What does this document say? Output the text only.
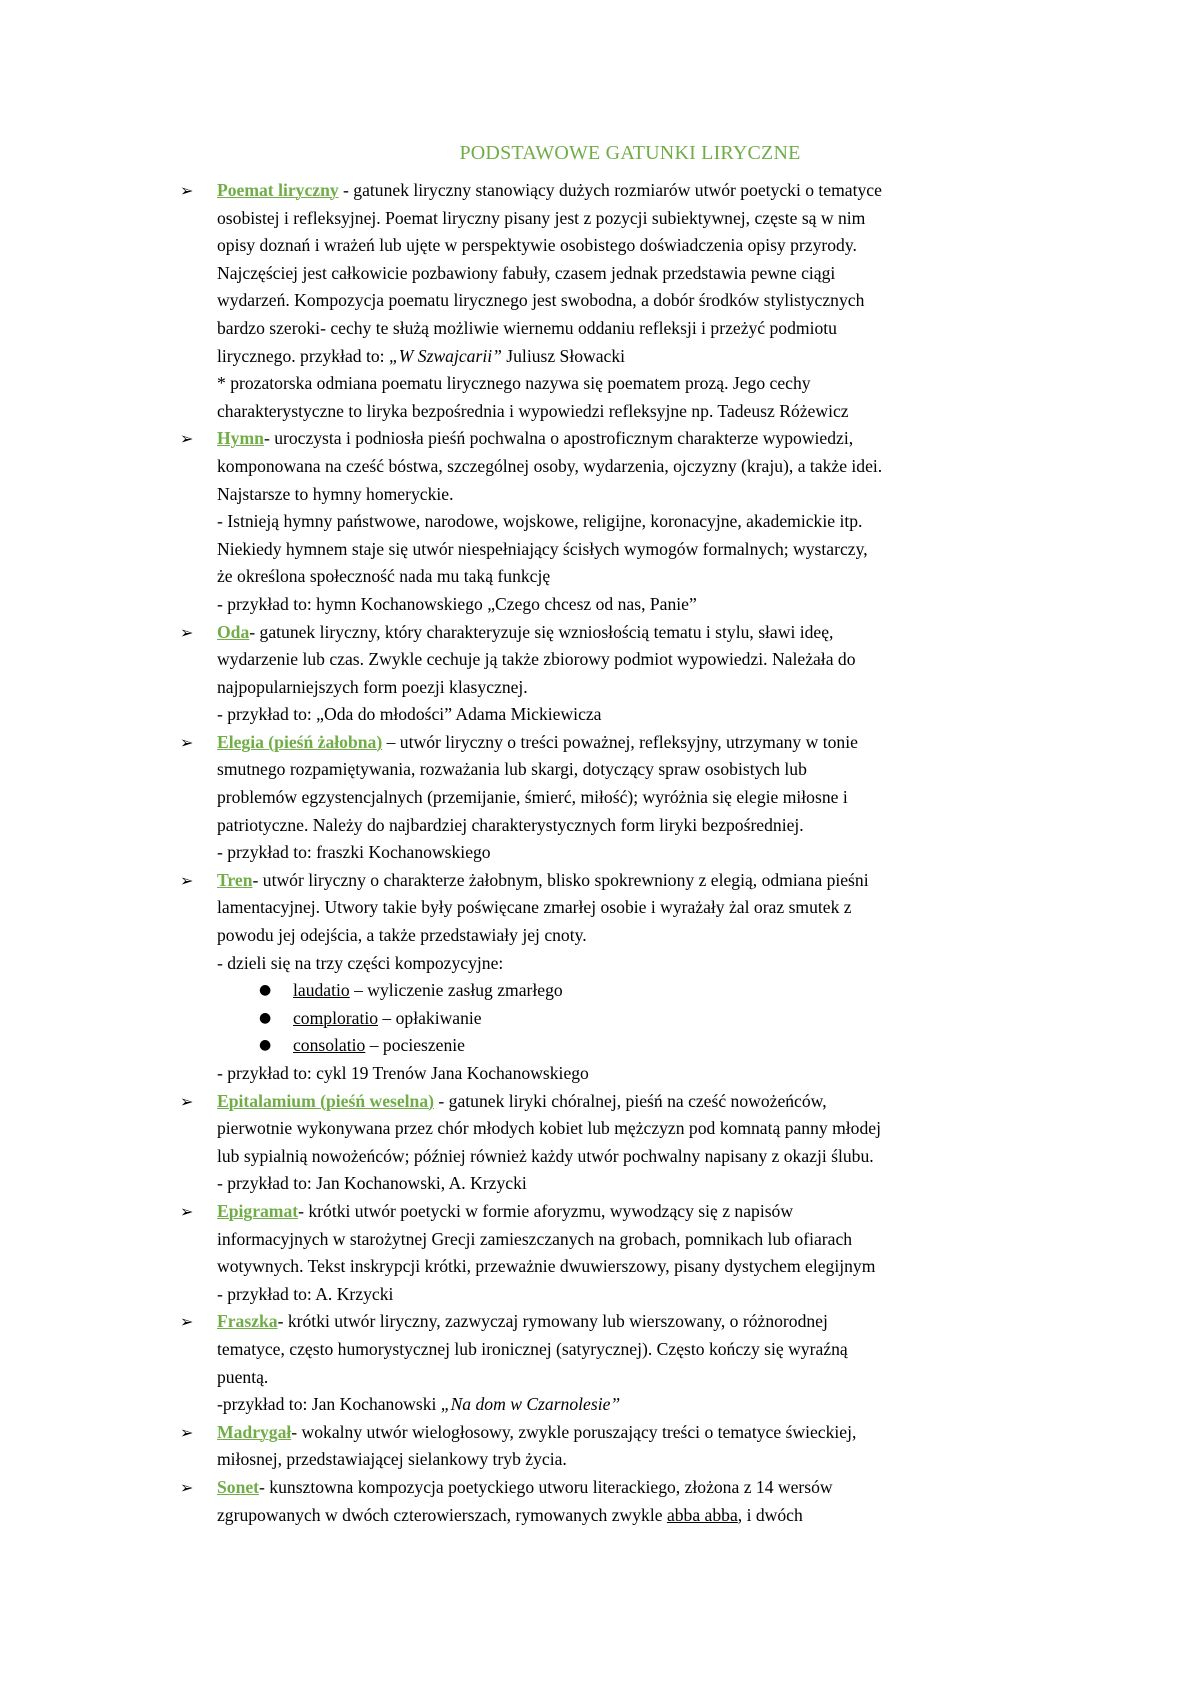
PODSTAWOWE GATUNKI LIRYCZNE
➢ Poemat liryczny - gatunek liryczny stanowiący dużych rozmiarów utwór poetycki o tematyce
osobistej i refleksyjnej. Poemat liryczny pisany jest z pozycji subiektywnej, częste są w nim
opisy doznań i wrażeń lub ujęte w perspektywie osobistego doświadczenia opisy przyrody.
Najczęściej jest całkowicie pozbawiony fabuły, czasem jednak przedstawia pewne ciągi
wydarzeń. Kompozycja poematu lirycznego jest swobodna, a dobór środków stylistycznych
bardzo szeroki- cechy te służą możliwie wiernemu oddaniu refleksji i przeżyć podmiotu
lirycznego. przykład to: „W Szwajcarii” Juliusz Słowacki
* prozatorska odmiana poematu lirycznego nazywa się poematem prozą. Jego cechy
charakterystyczne to liryka bezpośrednia i wypowiedzi refleksyjne np. Tadeusz Różewicz
➢ Hymn- uroczysta i podniosła pieśń pochwalna o apostroficznym charakterze wypowiedzi,
komponowana na cześć bóstwa, szczególnej osoby, wydarzenia, ojczyzny (kraju), a także idei.
Najstarsze to hymny homeryckie.
- Istnieją hymny państwowe, narodowe, wojskowe, religijne, koronacyjne, akademickie itp.
Niekiedy hymnem staje się utwór niespełniający ścisłych wymogów formalnych; wystarczy,
że określona społeczność nada mu taką funkcję
- przykład to: hymn Kochanowskiego „Czego chcesz od nas, Panie”
➢ Oda- gatunek liryczny, który charakteryzuje się wzniosłością tematu i stylu, sławi ideę,
wydarzenie lub czas. Zwykle cechuje ją także zbiorowy podmiot wypowiedzi. Należała do
najpopularniejszych form poezji klasycznej.
- przykład to: „Oda do młodości” Adama Mickiewicza
➢ Elegia (pieśń żałobna) – utwór liryczny o treści poważnej, refleksyjny, utrzymany w tonie
smutnego rozpamiętywania, rozważania lub skargi, dotyczący spraw osobistych lub
problemów egzystencjalnych (przemijanie, śmierć, miłość); wyróżnia się elegie miłosne i
patriotyczne. Należy do najbardziej charakterystycznych form liryki bezpośredniej.
- przykład to: fraszki Kochanowskiego
➢ Tren- utwór liryczny o charakterze żałobnym, blisko spokrewniony z elegią, odmiana pieśni
lamentacyjnej. Utwory takie były poświęcane zmarłej osobie i wyrażały żal oraz smutek z
powodu jej odejścia, a także przedstawiały jej cnoty.
- dzieli się na trzy części kompozycyjne:
● laudatio – wyliczenie zasług zmarłego
● comploratio – opłakiwanie
● consolatio – pocieszenie
- przykład to: cykl 19 Trenów Jana Kochanowskiego
➢ Epitalamium (pieśń weselna) - gatunek liryki chóralnej, pieśń na cześć nowożeńców,
pierwotnie wykonywana przez chór młodych kobiet lub mężczyzn pod komnatą panny młodej
lub sypialnią nowożeńców; później również każdy utwór pochwalny napisany z okazji ślubu.
- przykład to: Jan Kochanowski, A. Krzycki
➢ Epigramat- krótki utwór poetycki w formie aforyzmu, wywodzący się z napisów
informacyjnych w starożytnej Grecji zamieszczanych na grobach, pomnikach lub ofiarach
wotywnych. Tekst inskrypcji krótki, przeważnie dwuwierszowy, pisany dystychem elegijnym
- przykład to: A. Krzycki
➢ Fraszka- krótki utwór liryczny, zazwyczaj rymowany lub wierszowany, o różnorodnej
tematyce, często humorystycznej lub ironicznej (satyrycznej). Często kończy się wyraźną
puentą.
-przykład to: Jan Kochanowski „Na dom w Czarnolesie”
➢ Madrygał- wokalny utwór wielogłosowy, zwykle poruszający treści o tematyce świeckiej,
miłosnej, przedstawiającej sielankowy tryb życia.
➢ Sonet- kunsztowna kompozycja poetyckiego utworu literackiego, złożona z 14 wersów
zgrupowanych w dwóch czterowierszach, rymowanych zwykle abba abba, i dwóch
